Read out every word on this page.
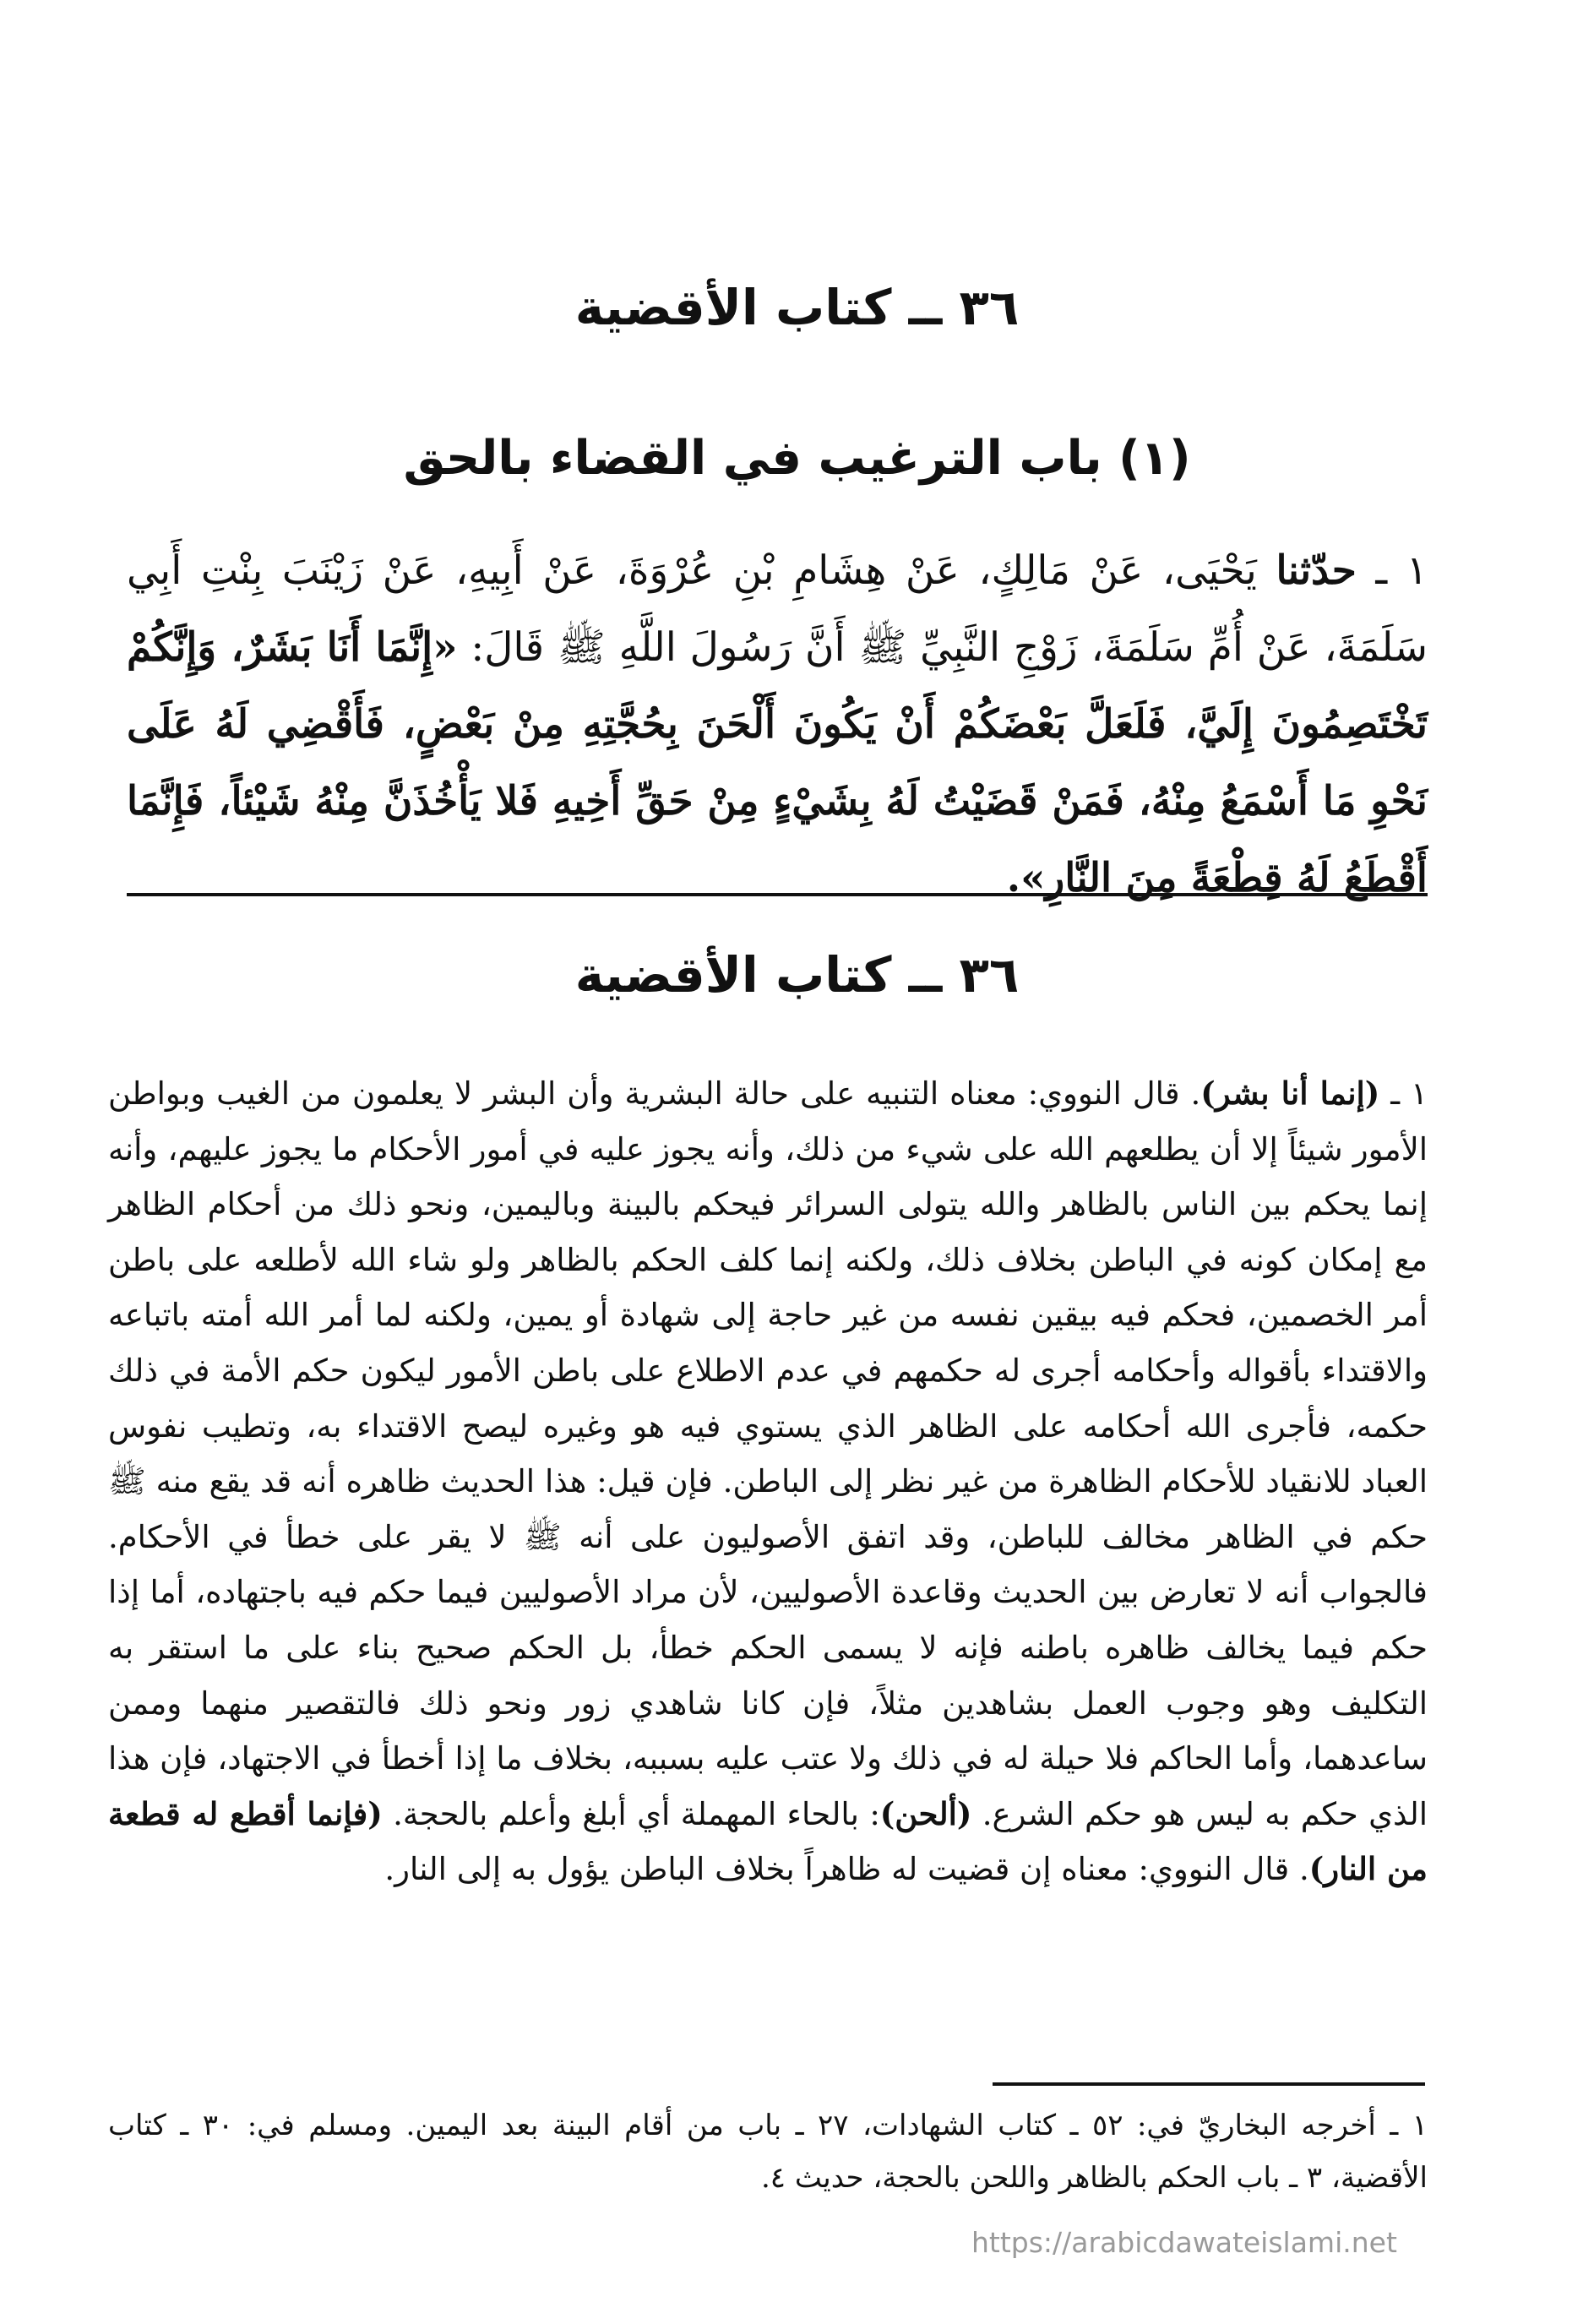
٣٦ ــ كتاب الأقضية
(١) باب الترغيب في القضاء بالحق
١ ـ حدّثنا يَحْيَى، عَنْ مَالِكٍ، عَنْ هِشَامِ بْنِ عُرْوَةَ، عَنْ أَبِيهِ، عَنْ زَيْنَبَ بِنْتِ أَبِي سَلَمَةَ، عَنْ أُمِّ سَلَمَةَ، زَوْجِ النَّبِيِّ ﷺ أَنَّ رَسُولَ اللَّهِ ﷺ قَالَ: «إِنَّمَا أَنَا بَشَرٌ، وَإِنَّكُمْ تَخْتَصِمُونَ إِلَيَّ، فَلَعَلَّ بَعْضَكُمْ أَنْ يَكُونَ أَلْحَنَ بِحُجَّتِهِ مِنْ بَعْضٍ، فَأَقْضِي لَهُ عَلَى نَحْوِ مَا أَسْمَعُ مِنْهُ، فَمَنْ قَضَيْتُ لَهُ بِشَيْءٍ مِنْ حَقِّ أَخِيهِ فَلا يَأْخُذَنَّ مِنْهُ شَيْئاً، فَإِنَّمَا أَقْطَعُ لَهُ قِطْعَةً مِنَ النَّارِ».
٣٦ ــ كتاب الأقضية
١ ـ (إنما أنا بشر). قال النووي: معناه التنبيه على حالة البشرية وأن البشر لا يعلمون من الغيب وبواطن الأمور شيئاً إلا أن يطلعهم الله على شيء من ذلك، وأنه يجوز عليه في أمور الأحكام ما يجوز عليهم، وأنه إنما يحكم بين الناس بالظاهر والله يتولى السرائر فيحكم بالبينة وباليمين، ونحو ذلك من أحكام الظاهر مع إمكان كونه في الباطن بخلاف ذلك، ولكنه إنما كلف الحكم بالظاهر ولو شاء الله لأطلعه على باطن أمر الخصمين، فحكم فيه بيقين نفسه من غير حاجة إلى شهادة أو يمين، ولكنه لما أمر الله أمته باتباعه والاقتداء بأقواله وأحكامه أجرى له حكمهم في عدم الاطلاع على باطن الأمور ليكون حكم الأمة في ذلك حكمه، فأجرى الله أحكامه على الظاهر الذي يستوي فيه هو وغيره ليصح الاقتداء به، وتطيب نفوس العباد للانقياد للأحكام الظاهرة من غير نظر إلى الباطن. فإن قيل: هذا الحديث ظاهره أنه قد يقع منه ﷺ حكم في الظاهر مخالف للباطن، وقد اتفق الأصوليون على أنه ﷺ لا يقر على خطأ في الأحكام. فالجواب أنه لا تعارض بين الحديث وقاعدة الأصوليين، لأن مراد الأصوليين فيما حكم فيه باجتهاده، أما إذا حكم فيما يخالف ظاهره باطنه فإنه لا يسمى الحكم خطأ، بل الحكم صحيح بناء على ما استقر به التكليف وهو وجوب العمل بشاهدين مثلاً، فإن كانا شاهدي زور ونحو ذلك فالتقصير منهما وممن ساعدهما، وأما الحاكم فلا حيلة له في ذلك ولا عتب عليه بسببه، بخلاف ما إذا أخطأ في الاجتهاد، فإن هذا الذي حكم به ليس هو حكم الشرع. (ألحن): بالحاء المهملة أي أبلغ وأعلم بالحجة. (فإنما أقطع له قطعة من النار). قال النووي: معناه إن قضيت له ظاهراً بخلاف الباطن يؤول به إلى النار.
١ ـ أخرجه البخاريّ في: ٥٢ ـ كتاب الشهادات، ٢٧ ـ باب من أقام البينة بعد اليمين. ومسلم في: ٣٠ ـ كتاب الأقضية، ٣ ـ باب الحكم بالظاهر واللحن بالحجة، حديث ٤.
https://arabicdawateislami.net
